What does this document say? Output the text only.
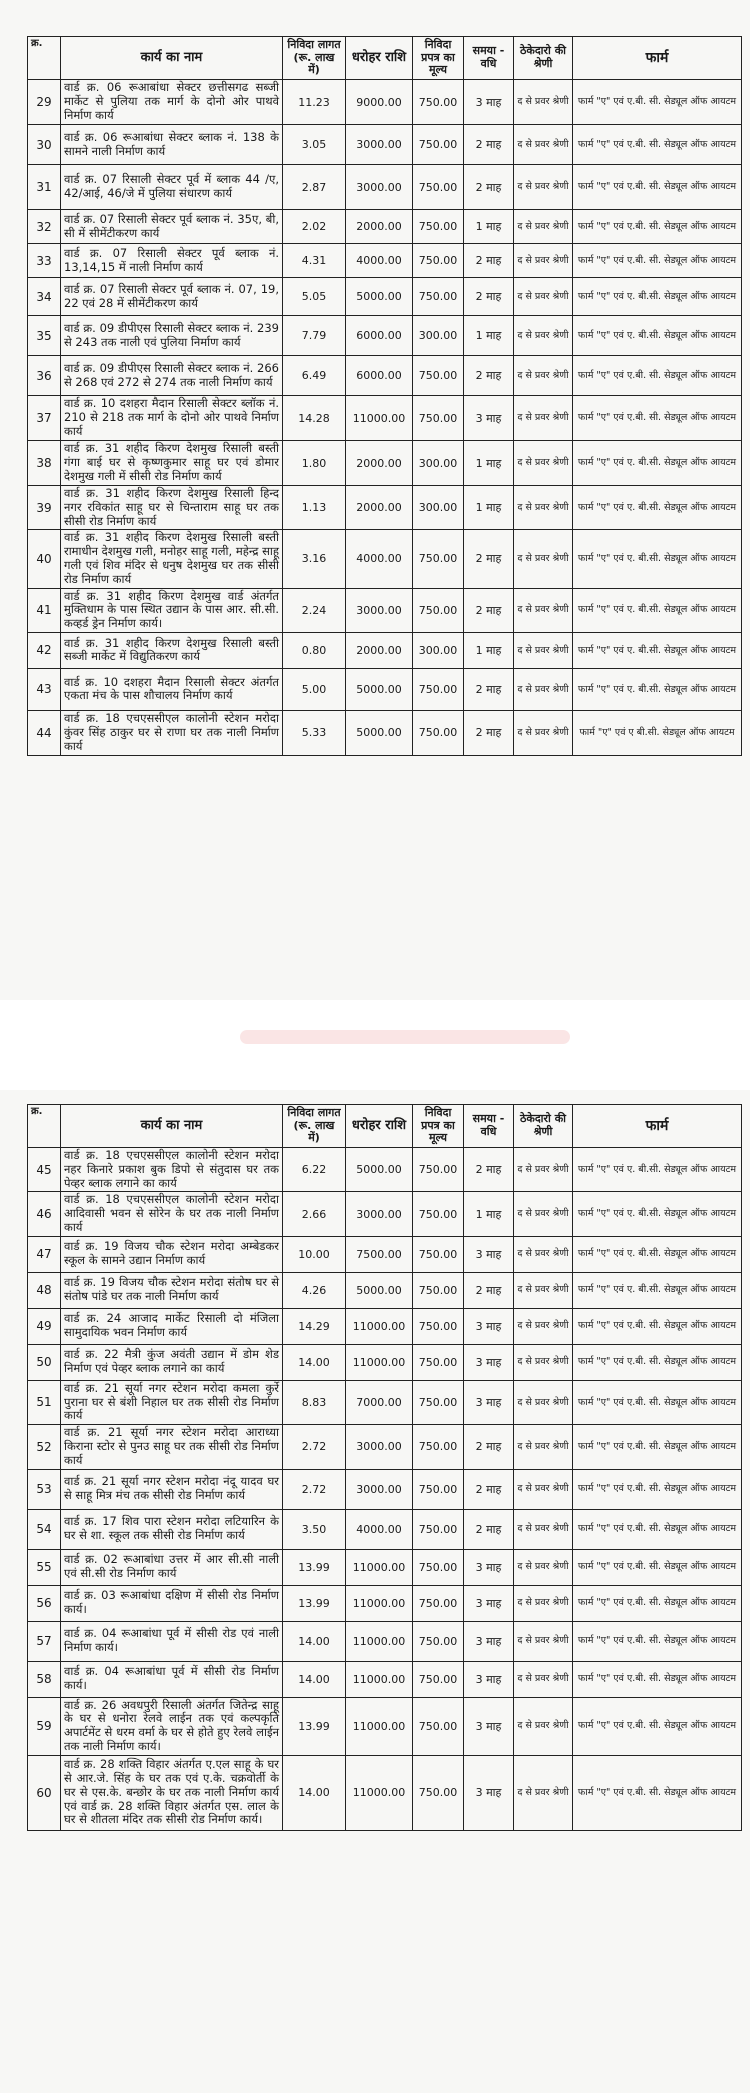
क्र.	कार्य का नाम	निविदा लागत (रू. लाख में)	धरोहर राशि	निविदा प्रपत्र का मूल्य	समया - वधि	ठेकेदारो की श्रेणी	फार्म
29	वार्ड क्र. 06 रूआबांधा सेक्टर छत्तीसगढ सब्जी मार्केट से पुलिया तक मार्ग के दोनो ओर पाथवे निर्माण कार्य	11.23	9000.00	750.00	3 माह	द से प्रवर श्रेणी	फार्म "ए" एवं ए.बी. सी. सेड्यूल ऑफ आयटम
30	वार्ड क्र. 06 रूआबांधा सेक्टर ब्लाक नं. 138 के सामने नाली निर्माण कार्य	3.05	3000.00	750.00	2 माह	द से प्रवर श्रेणी	फार्म "ए" एवं ए.बी. सी. सेड्यूल ऑफ आयटम
31	वार्ड क्र. 07 रिसाली सेक्टर पूर्व में ब्लाक 44 /ए, 42/आई, 46/जे में पुलिया संधारण कार्य	2.87	3000.00	750.00	2 माह	द से प्रवर श्रेणी	फार्म "ए" एवं ए.बी. सी. सेड्यूल ऑफ आयटम
32	वार्ड क्र. 07 रिसाली सेक्टर पूर्व ब्लाक नं. 35ए, बी, सी में सीमेंटीकरण कार्य	2.02	2000.00	750.00	1 माह	द से प्रवर श्रेणी	फार्म "ए" एवं ए.बी. सी. सेड्यूल ऑफ आयटम
33	वार्ड क्र. 07 रिसाली सेक्टर पूर्व ब्लाक नं. 13,14,15 में नाली निर्माण कार्य	4.31	4000.00	750.00	2 माह	द से प्रवर श्रेणी	फार्म "ए" एवं ए.बी. सी. सेड्यूल ऑफ आयटम
34	वार्ड क्र. 07 रिसाली सेक्टर पूर्व ब्लाक नं. 07, 19, 22 एवं 28 में सीमेंटीकरण कार्य	5.05	5000.00	750.00	2 माह	द से प्रवर श्रेणी	फार्म "ए" एवं ए. बी.सी. सेड्यूल ऑफ आयटम
35	वार्ड क्र. 09 डीपीएस रिसाली सेक्टर ब्लाक नं. 239 से 243 तक नाली एवं पुलिया निर्माण कार्य	7.79	6000.00	300.00	1 माह	द से प्रवर श्रेणी	फार्म "ए" एवं ए. बी.सी. सेड्यूल ऑफ आयटम
36	वार्ड क्र. 09 डीपीएस रिसाली सेक्टर ब्लाक नं. 266 से 268 एवं 272 से 274 तक नाली निर्माण कार्य	6.49	6000.00	750.00	2 माह	द से प्रवर श्रेणी	फार्म "ए" एवं ए.बी. सी. सेड्यूल ऑफ आयटम
37	वार्ड क्र. 10 दशहरा मैदान रिसाली सेक्टर ब्लॉक नं. 210 से 218 तक मार्ग के दोनो ओर पाथवे निर्माण कार्य	14.28	11000.00	750.00	3 माह	द से प्रवर श्रेणी	फार्म "ए" एवं ए.बी. सी. सेड्यूल ऑफ आयटम
38	वार्ड क्र. 31 शहीद किरण देशमुख रिसाली बस्ती गंगा बाई घर से कृष्णकुमार साहू घर एवं डोमार देशमुख गली में सीसी रोड निर्माण कार्य	1.80	2000.00	300.00	1 माह	द से प्रवर श्रेणी	फार्म "ए" एवं ए. बी.सी. सेड्यूल ऑफ आयटम
39	वार्ड क्र. 31 शहीद किरण देशमुख रिसाली हिन्द नगर रविकांत साहू घर से चिन्ताराम साहू घर तक सीसी रोड निर्माण कार्य	1.13	2000.00	300.00	1 माह	द से प्रवर श्रेणी	फार्म "ए" एवं ए. बी.सी. सेड्यूल ऑफ आयटम
40	वार्ड क्र. 31 शहीद किरण देशमुख रिसाली बस्ती रामाधीन देशमुख गली, मनोहर साहू गली, महेन्द्र साहू गली एवं शिव मंदिर से धनुष देशमुख घर तक सीसी रोड निर्माण कार्य	3.16	4000.00	750.00	2 माह	द से प्रवर श्रेणी	फार्म "ए" एवं ए. बी.सी. सेड्यूल ऑफ आयटम
41	वार्ड क्र. 31 शहीद किरण देशमुख वार्ड अंतर्गत मुक्तिधाम के पास स्थित उद्यान के पास आर. सी.सी. कव्हर्ड ड्रेन निर्माण कार्य।	2.24	3000.00	750.00	2 माह	द से प्रवर श्रेणी	फार्म "ए" एवं ए. बी.सी. सेड्यूल ऑफ आयटम
42	वार्ड क्र. 31 शहीद किरण देशमुख रिसाली बस्ती सब्जी मार्केट में विद्युतिकरण कार्य	0.80	2000.00	300.00	1 माह	द से प्रवर श्रेणी	फार्म "ए" एवं ए. बी.सी. सेड्यूल ऑफ आयटम
43	वार्ड क्र. 10 दशहरा मैदान रिसाली सेक्टर अंतर्गत एकता मंच के पास शौचालय निर्माण कार्य	5.00	5000.00	750.00	2 माह	द से प्रवर श्रेणी	फार्म "ए" एवं ए. बी.सी. सेड्यूल ऑफ आयटम
44	वार्ड क्र. 18 एचएससीएल कालोनी स्टेशन मरोदा कुंवर सिंह ठाकुर घर से राणा घर तक नाली निर्माण कार्य	5.33	5000.00	750.00	2 माह	द से प्रवर श्रेणी	फार्म "ए" एवं ए बी.सी. सेड्यूल ऑफ आयटम
क्र.	कार्य का नाम	निविदा लागत (रू. लाख में)	धरोहर राशि	निविदा प्रपत्र का मूल्य	समया - वधि	ठेकेदारो की श्रेणी	फार्म
45	वार्ड क्र. 18 एचएससीएल कालोनी स्टेशन मरोदा नहर किनारे प्रकाश बुक डिपो से संतुदास घर तक पेव्हर ब्लाक लगाने का कार्य	6.22	5000.00	750.00	2 माह	द से प्रवर श्रेणी	फार्म "ए" एवं ए. बी.सी. सेड्यूल ऑफ आयटम
46	वार्ड क्र. 18 एचएससीएल कालोनी स्टेशन मरोदा आदिवासी भवन से सोरेन के घर तक नाली निर्माण कार्य	2.66	3000.00	750.00	1 माह	द से प्रवर श्रेणी	फार्म "ए" एवं ए. बी.सी. सेड्यूल ऑफ आयटम
47	वार्ड क्र. 19 विजय चौक स्टेशन मरोदा अम्बेडकर स्कूल के सामने उद्यान निर्माण कार्य	10.00	7500.00	750.00	3 माह	द से प्रवर श्रेणी	फार्म "ए" एवं ए. बी.सी. सेड्यूल ऑफ आयटम
48	वार्ड क्र. 19 विजय चौक स्टेशन मरोदा संतोष घर से संतोष पांडे घर तक नाली निर्माण कार्य	4.26	5000.00	750.00	2 माह	द से प्रवर श्रेणी	फार्म "ए" एवं ए. बी.सी. सेड्यूल ऑफ आयटम
49	वार्ड क्र. 24 आजाद मार्केट रिसाली दो मंजिला सामुदायिक भवन निर्माण कार्य	14.29	11000.00	750.00	3 माह	द से प्रवर श्रेणी	फार्म "ए" एवं ए.बी. सी. सेड्यूल ऑफ आयटम
50	वार्ड क्र. 22 मैत्री कुंज अवंती उद्यान में डोम शेड निर्माण एवं पेव्हर ब्लाक लगाने का कार्य	14.00	11000.00	750.00	3 माह	द से प्रवर श्रेणी	फार्म "ए" एवं ए.बी. सी. सेड्यूल ऑफ आयटम
51	वार्ड क्र. 21 सूर्या नगर स्टेशन मरोदा कमला कुर्रे पुराना घर से बंशी निहाल घर तक सीसी रोड निर्माण कार्य	8.83	7000.00	750.00	3 माह	द से प्रवर श्रेणी	फार्म "ए" एवं ए.बी. सी. सेड्यूल ऑफ आयटम
52	वार्ड क्र. 21 सूर्या नगर स्टेशन मरोदा आराध्या किराना स्टोर से पुनउ साहू घर तक सीसी रोड निर्माण कार्य	2.72	3000.00	750.00	2 माह	द से प्रवर श्रेणी	फार्म "ए" एवं ए.बी. सी. सेड्यूल ऑफ आयटम
53	वार्ड क्र. 21 सूर्या नगर स्टेशन मरोदा नंदू यादव घर से साहू मित्र मंच तक सीसी रोड निर्माण कार्य	2.72	3000.00	750.00	2 माह	द से प्रवर श्रेणी	फार्म "ए" एवं ए.बी. सी. सेड्यूल ऑफ आयटम
54	वार्ड क्र. 17 शिव पारा स्टेशन मरोदा लटियारिन के घर से शा. स्कूल तक सीसी रोड निर्माण कार्य	3.50	4000.00	750.00	2 माह	द से प्रवर श्रेणी	फार्म "ए" एवं ए.बी. सी. सेड्यूल ऑफ आयटम
55	वार्ड क्र. 02 रूआबांधा उत्तर में आर सी.सी नाली एवं सी.सी रोड निर्माण कार्य	13.99	11000.00	750.00	3 माह	द से प्रवर श्रेणी	फार्म "ए" एवं ए.बी. सी. सेड्यूल ऑफ आयटम
56	वार्ड क्र. 03 रूआबांधा दक्षिण में सीसी रोड निर्माण कार्य।	13.99	11000.00	750.00	3 माह	द से प्रवर श्रेणी	फार्म "ए" एवं ए.बी. सी. सेड्यूल ऑफ आयटम
57	वार्ड क्र. 04 रूआबांधा पूर्व में सीसी रोड एवं नाली निर्माण कार्य।	14.00	11000.00	750.00	3 माह	द से प्रवर श्रेणी	फार्म "ए" एवं ए.बी. सी. सेड्यूल ऑफ आयटम
58	वार्ड क्र. 04 रूआबांधा पूर्व में सीसी रोड निर्माण कार्य।	14.00	11000.00	750.00	3 माह	द से प्रवर श्रेणी	फार्म "ए" एवं ए.बी. सी. सेड्यूल ऑफ आयटम
59	वार्ड क्र. 26 अवधपुरी रिसाली अंतर्गत जितेन्द्र साहू के घर से धनोरा रेलवे लाईन तक एवं कल्पकृति अपार्टमेंट से धरम वर्मा के घर से होते हुए रेलवे लाईन तक नाली निर्माण कार्य।	13.99	11000.00	750.00	3 माह	द से प्रवर श्रेणी	फार्म "ए" एवं ए.बी. सी. सेड्यूल ऑफ आयटम
60	वार्ड क्र. 28 शक्ति विहार अंतर्गत ए.एल साहू के घर से आर.जे. सिंह के घर तक एवं ए.के. चक्रवोर्ती के घर से एस.के. बन्छोर के घर तक नाली निर्माण कार्य एवं वार्ड क्र. 28 शक्ति विहार अंतर्गत एस. लाल के घर से शीतला मंदिर तक सीसी रोड निर्माण कार्य।	14.00	11000.00	750.00	3 माह	द से प्रवर श्रेणी	फार्म "ए" एवं ए.बी. सी. सेड्यूल ऑफ आयटम
